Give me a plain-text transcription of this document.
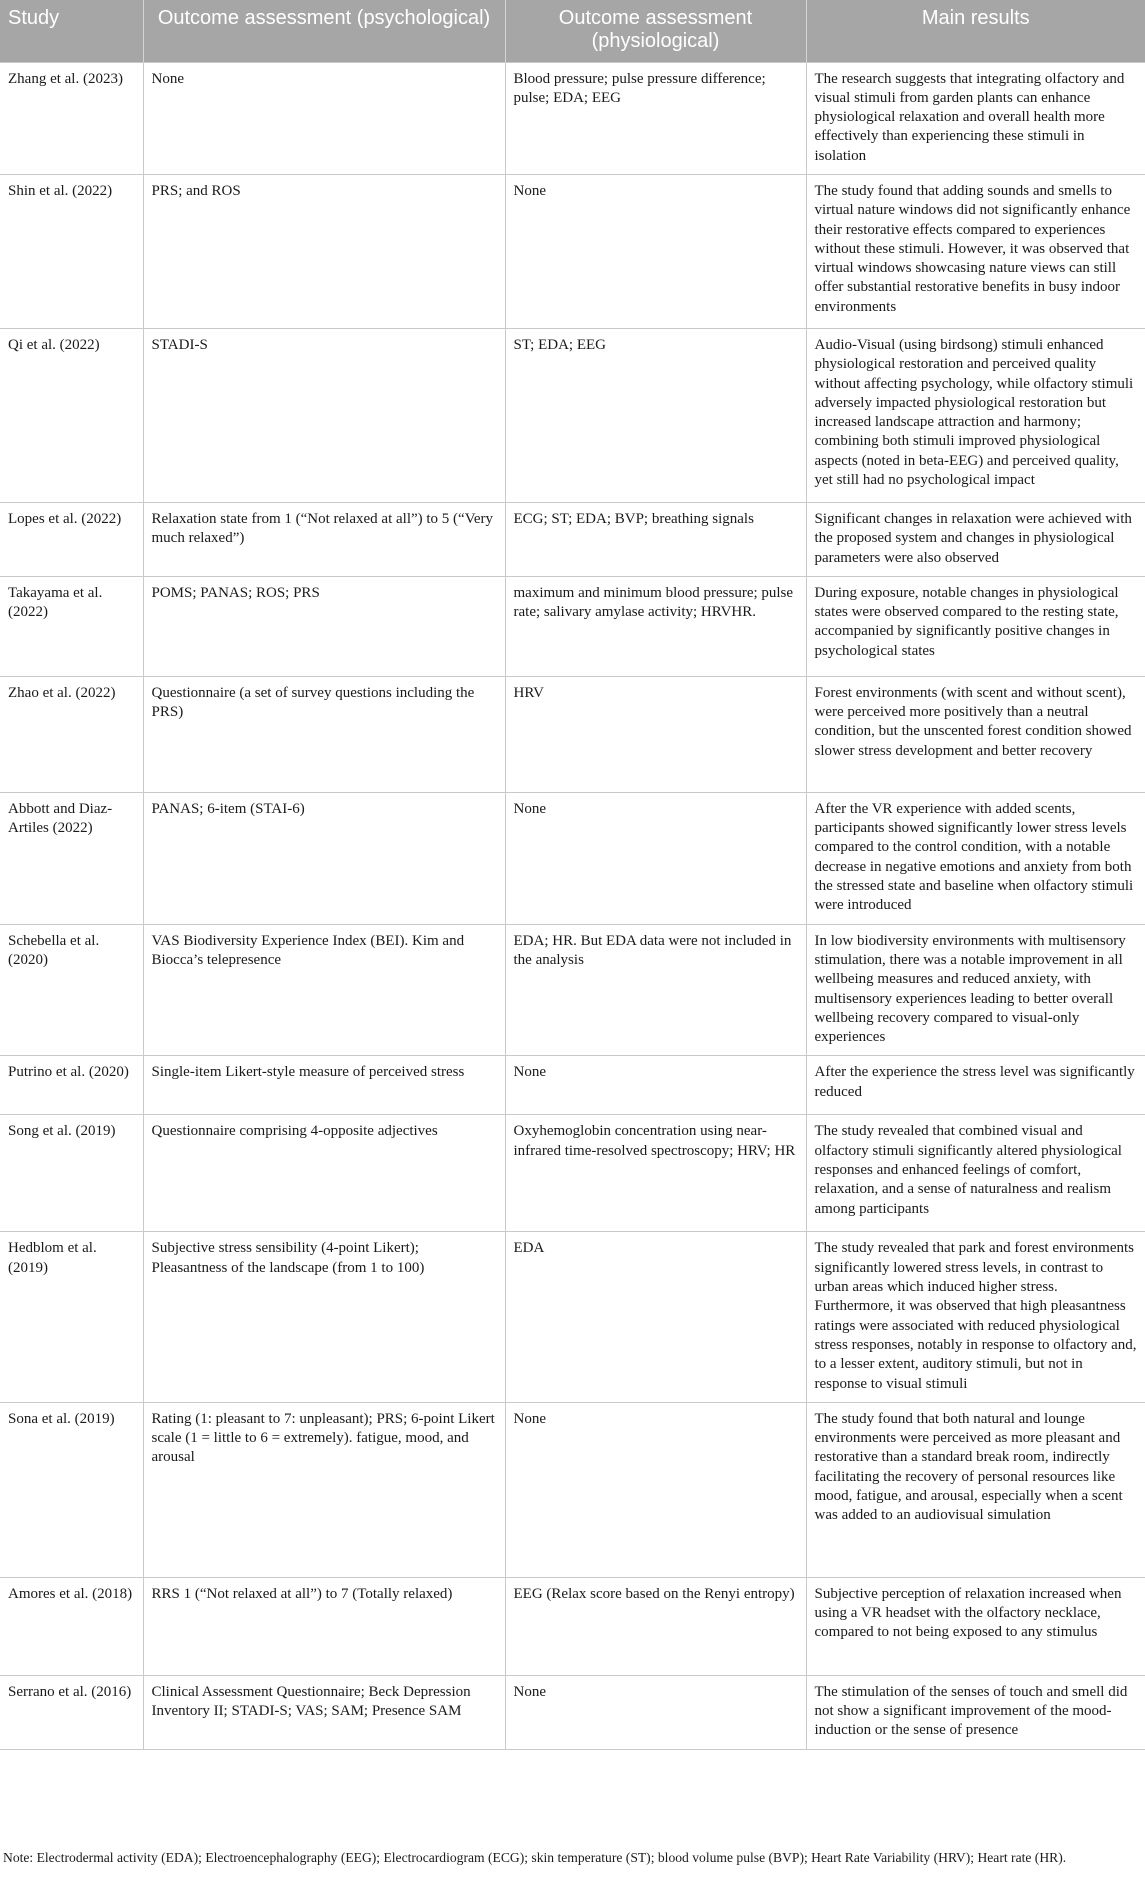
Study	Outcome assessment (psychological)	Outcome assessment (physiological)	Main results
Zhang et al. (2023)	None	Blood pressure; pulse pressure difference; pulse; EDA; EEG	The research suggests that integrating olfactory and visual stimuli from garden plants can enhance physiological relaxation and overall health more effectively than experiencing these stimuli in isolation
Shin et al. (2022)	PRS; and ROS	None	The study found that adding sounds and smells to virtual nature windows did not significantly enhance their restorative effects compared to experiences without these stimuli. However, it was observed that virtual windows showcasing nature views can still offer substantial restorative benefits in busy indoor environments
Qi et al. (2022)	STADI-S	ST; EDA; EEG	Audio-Visual (using birdsong) stimuli enhanced physiological restoration and perceived quality without affecting psychology, while olfactory stimuli adversely impacted physiological restoration but increased landscape attraction and harmony; combining both stimuli improved physiological aspects (noted in beta-EEG) and perceived quality, yet still had no psychological impact
Lopes et al. (2022)	Relaxation state from 1 (“Not relaxed at all”) to 5 (“Very much relaxed”)	ECG; ST; EDA; BVP; breathing signals	Significant changes in relaxation were achieved with the proposed system and changes in physiological parameters were also observed
Takayama et al. (2022)	POMS; PANAS; ROS; PRS	maximum and minimum blood pressure; pulse rate; salivary amylase activity; HRVHR.	During exposure, notable changes in physiological states were observed compared to the resting state, accompanied by significantly positive changes in psychological states
Zhao et al. (2022)	Questionnaire (a set of survey questions including the PRS)	HRV	Forest environments (with scent and without scent), were perceived more positively than a neutral condition, but the unscented forest condition showed slower stress development and better recovery
Abbott and Diaz-Artiles (2022)	PANAS; 6-item (STAI-6)	None	After the VR experience with added scents, participants showed significantly lower stress levels compared to the control condition, with a notable decrease in negative emotions and anxiety from both the stressed state and baseline when olfactory stimuli were introduced
Schebella et al. (2020)	VAS Biodiversity Experience Index (BEI). Kim and Biocca’s telepresence	EDA; HR. But EDA data were not included in the analysis	In low biodiversity environments with multisensory stimulation, there was a notable improvement in all wellbeing measures and reduced anxiety, with multisensory experiences leading to better overall wellbeing recovery compared to visual-only experiences
Putrino et al. (2020)	Single-item Likert-style measure of perceived stress	None	After the experience the stress level was significantly reduced
Song et al. (2019)	Questionnaire comprising 4-opposite adjectives	Oxyhemoglobin concentration using near-infrared time-resolved spectroscopy; HRV; HR	The study revealed that combined visual and olfactory stimuli significantly altered physiological responses and enhanced feelings of comfort, relaxation, and a sense of naturalness and realism among participants
Hedblom et al. (2019)	Subjective stress sensibility (4-point Likert); Pleasantness of the landscape (from 1 to 100)	EDA	The study revealed that park and forest environments significantly lowered stress levels, in contrast to urban areas which induced higher stress. Furthermore, it was observed that high pleasantness ratings were associated with reduced physiological stress responses, notably in response to olfactory and, to a lesser extent, auditory stimuli, but not in response to visual stimuli
Sona et al. (2019)	Rating (1: pleasant to 7: unpleasant); PRS; 6-point Likert scale (1 = little to 6 = extremely). fatigue, mood, and arousal	None	The study found that both natural and lounge environments were perceived as more pleasant and restorative than a standard break room, indirectly facilitating the recovery of personal resources like mood, fatigue, and arousal, especially when a scent was added to an audiovisual simulation
Amores et al. (2018)	RRS 1 (“Not relaxed at all”) to 7 (Totally relaxed)	EEG (Relax score based on the Renyi entropy)	Subjective perception of relaxation increased when using a VR headset with the olfactory necklace, compared to not being exposed to any stimulus
Serrano et al. (2016)	Clinical Assessment Questionnaire; Beck Depression Inventory II; STADI-S; VAS; SAM; Presence SAM	None	The stimulation of the senses of touch and smell did not show a significant improvement of the mood- induction or the sense of presence
Note: Electrodermal activity (EDA); Electroencephalography (EEG); Electrocardiogram (ECG); skin temperature (ST); blood volume pulse (BVP); Heart Rate Variability (HRV); Heart rate (HR).
